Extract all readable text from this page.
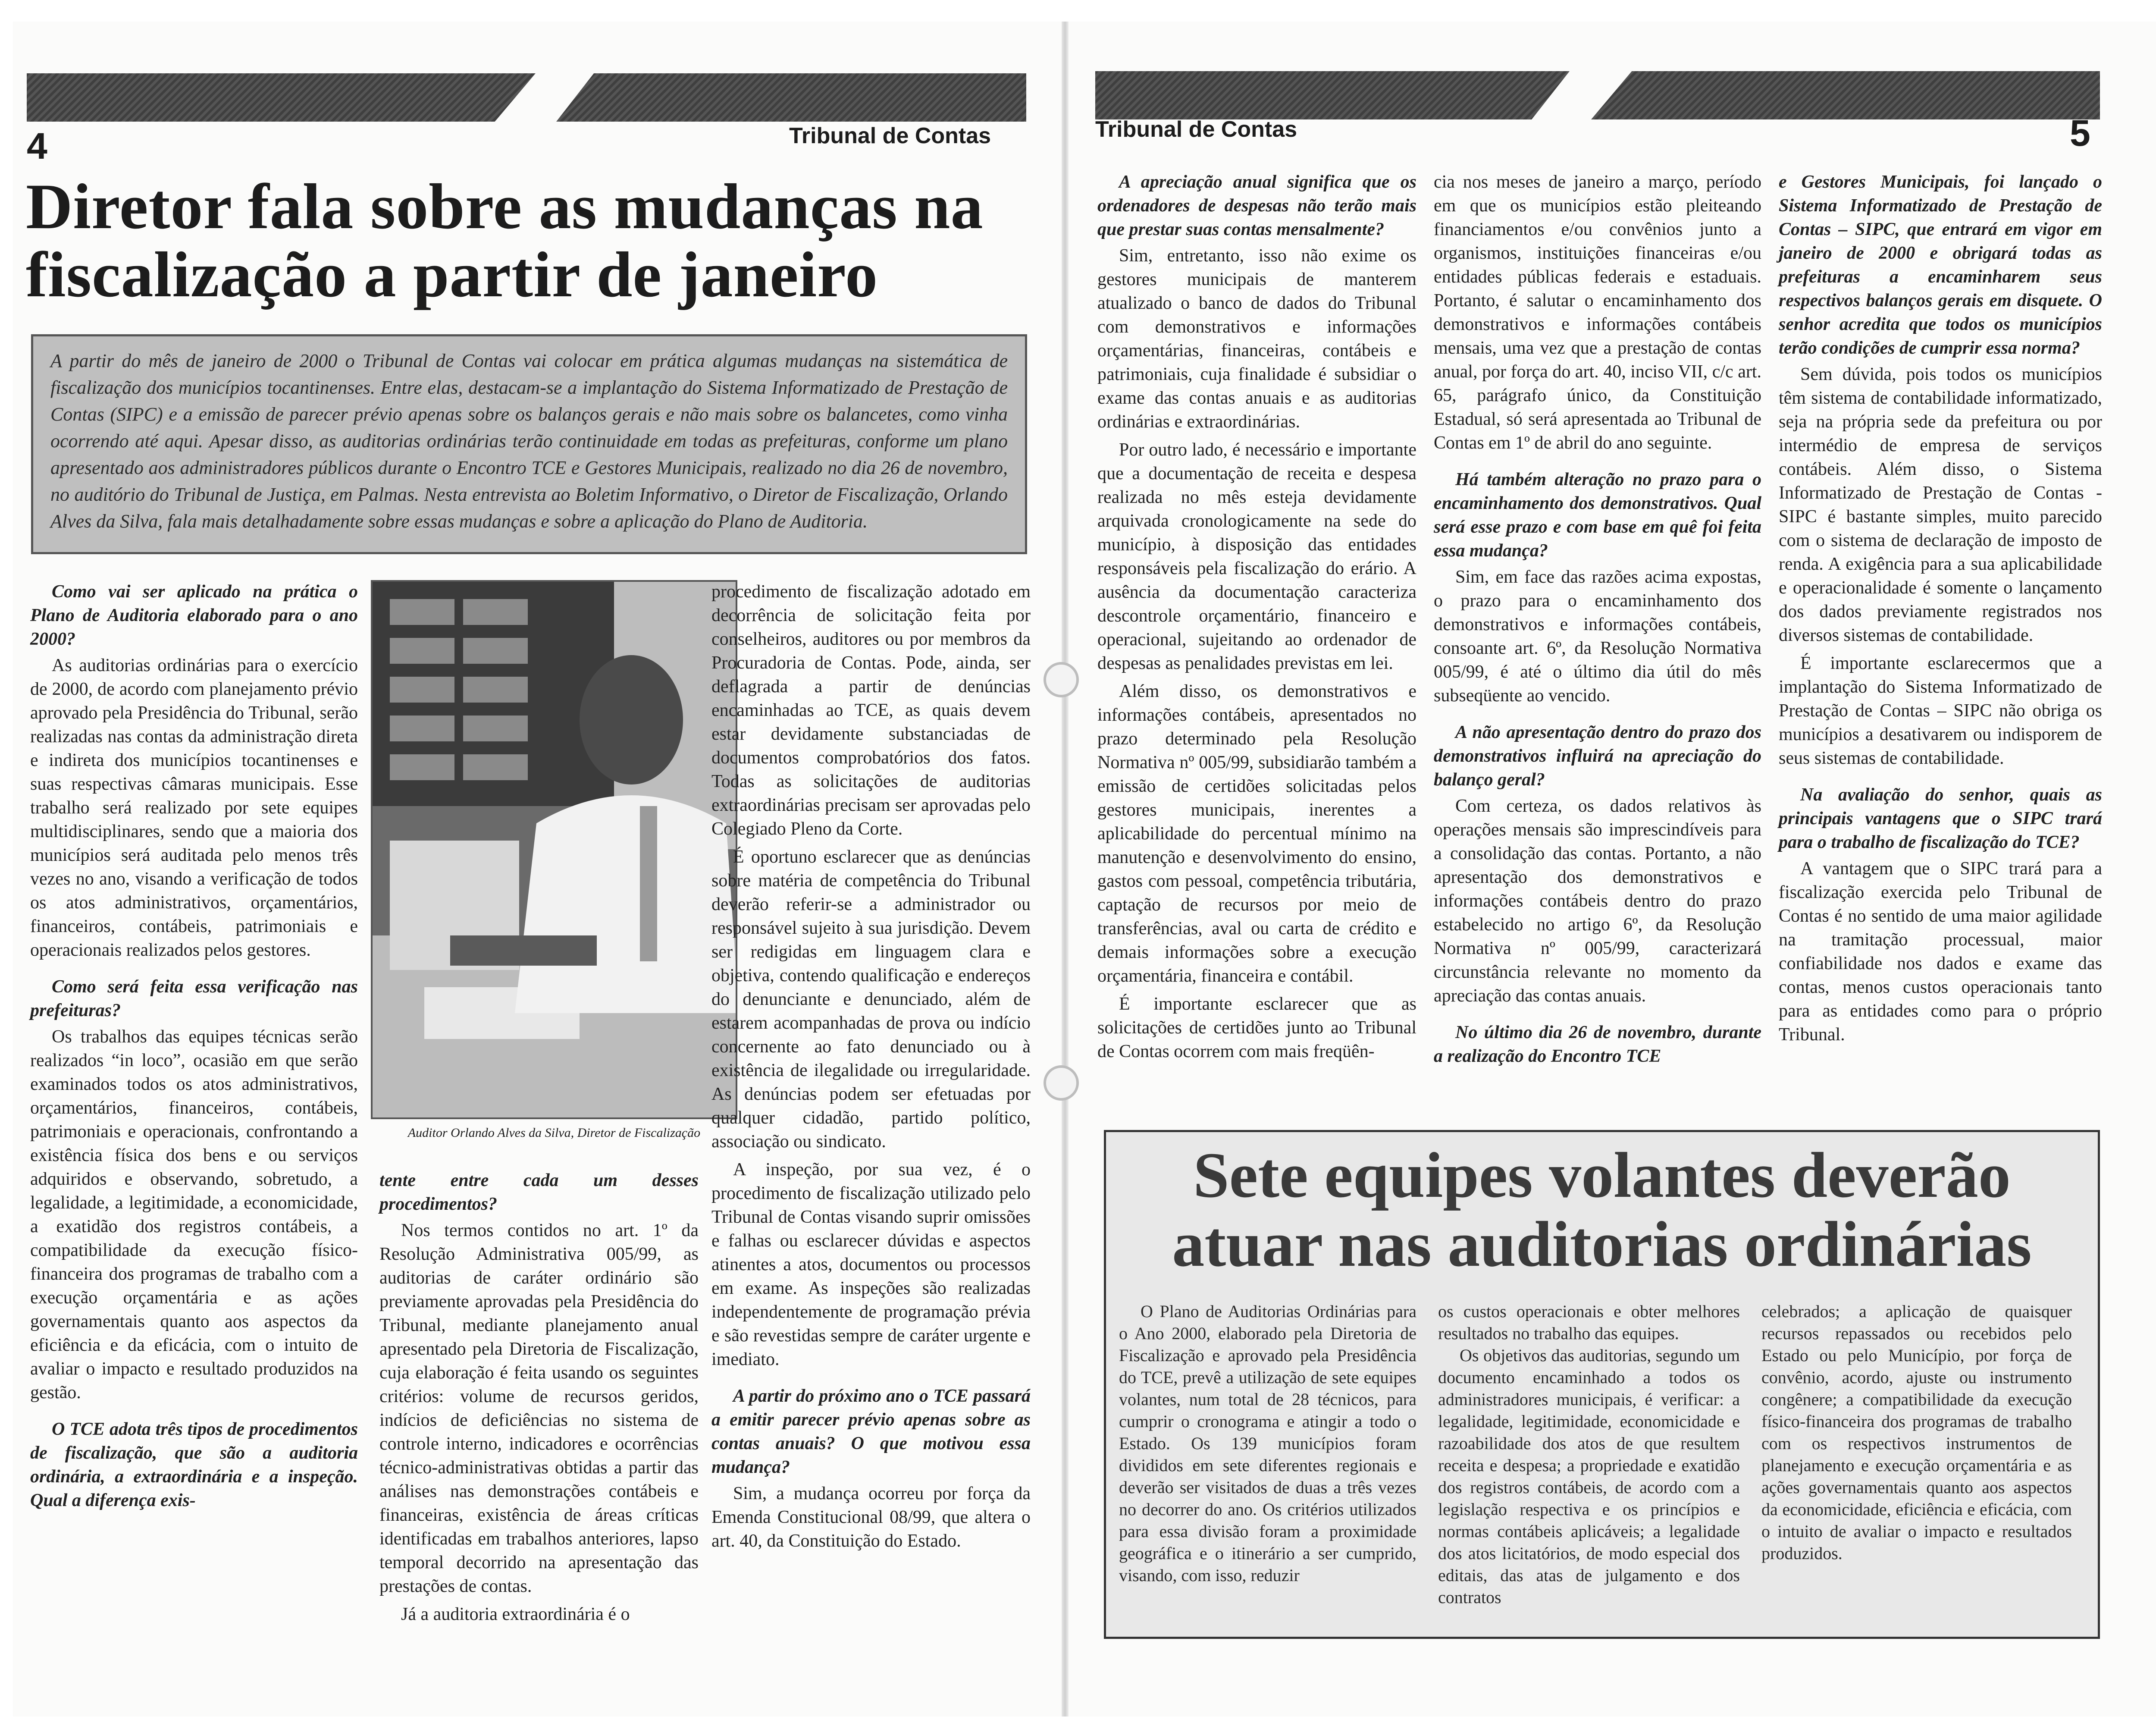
4	Tribunal de Contas
Diretor fala sobre as mudanças na fiscalização a partir de janeiro
A partir do mês de janeiro de 2000 o Tribunal de Contas vai colocar em prática algumas mudanças na sistemática de fiscalização dos municípios tocantinenses. Entre elas, destacam-se a implantação do Sistema Informatizado de Prestação de Contas (SIPC) e a emissão de parecer prévio apenas sobre os balanços gerais e não mais sobre os balancetes, como vinha ocorrendo até aqui. Apesar disso, as auditorias ordinárias terão continuidade em todas as prefeituras, conforme um plano apresentado aos administradores públicos durante o Encontro TCE e Gestores Municipais, realizado no dia 26 de novembro, no auditório do Tribunal de Justiça, em Palmas. Nesta entrevista ao Boletim Informativo, o Diretor de Fiscalização, Orlando Alves da Silva, fala mais detalhadamente sobre essas mudanças e sobre a aplicação do Plano de Auditoria.
Como vai ser aplicado na prática o Plano de Auditoria elaborado para o ano 2000?

As auditorias ordinárias para o exercício de 2000, de acordo com planejamento prévio aprovado pela Presidência do Tribunal, serão realizadas nas contas da administração direta e indireta dos municípios tocantinenses e suas respectivas câmaras municipais. Esse trabalho será realizado por sete equipes multidisciplinares, sendo que a maioria dos municípios será auditada pelo menos três vezes no ano, visando a verificação de todos os atos administrativos, orçamentários, financeiros, contábeis, patrimoniais e operacionais realizados pelos gestores.

Como será feita essa verificação nas prefeituras?

Os trabalhos das equipes técnicas serão realizados “in loco”, ocasião em que serão examinados todos os atos administrativos, orçamentários, financeiros, contábeis, patrimoniais e operacionais, confrontando a existência física dos bens e ou serviços adquiridos e observando, sobretudo, a legalidade, a legitimidade, a economicidade, a exatidão dos registros contábeis, a compatibilidade da execução físico-financeira dos programas de trabalho com a execução orçamentária e as ações governamentais quanto aos aspectos da eficiência e da eficácia, com o intuito de avaliar o impacto e resultado produzidos na gestão.

O TCE adota três tipos de procedimentos de fiscalização, que são a auditoria ordinária, a extraordinária e a inspeção. Qual a diferença exis-
Auditor Orlando Alves da Silva, Diretor de Fiscalização
tente entre cada um desses procedimentos?

Nos termos contidos no art. 1º da Resolução Administrativa 005/99, as auditorias de caráter ordinário são previamente aprovadas pela Presidência do Tribunal, mediante planejamento anual apresentado pela Diretoria de Fiscalização, cuja elaboração é feita usando os seguintes critérios: volume de recursos geridos, indícios de deficiências no sistema de controle interno, indicadores e ocorrências técnico-administrativas obtidas a partir das análises nas demonstrações contábeis e financeiras, existência de áreas críticas identificadas em trabalhos anteriores, lapso temporal decorrido na apresentação das prestações de contas.

Já a auditoria extraordinária é o

procedimento de fiscalização adotado em decorrência de solicitação feita por conselheiros, auditores ou por membros da Procuradoria de Contas. Pode, ainda, ser deflagrada a partir de denúncias encaminhadas ao TCE, as quais devem estar devidamente substanciadas de documentos comprobatórios dos fatos. Todas as solicitações de auditorias extraordinárias precisam ser aprovadas pelo Colegiado Pleno da Corte.

É oportuno esclarecer que as denúncias sobre matéria de competência do Tribunal deverão referir-se a administrador ou responsável sujeito à sua jurisdição. Devem ser redigidas em linguagem clara e objetiva, contendo qualificação e endereços do denunciante e denunciado, além de estarem acompanhadas de prova ou indício concernente ao fato denunciado ou à existência de ilegalidade ou irregularidade. As denúncias podem ser efetuadas por qualquer cidadão, partido político, associação ou sindicato.

A inspeção, por sua vez, é o procedimento de fiscalização utilizado pelo Tribunal de Contas visando suprir omissões e falhas ou esclarecer dúvidas e aspectos atinentes a atos, documentos ou processos em exame. As inspeções são realizadas independentemente de programação prévia e são revestidas sempre de caráter urgente e imediato.

A partir do próximo ano o TCE passará a emitir parecer prévio apenas sobre as contas anuais? O que motivou essa mudança?

Sim, a mudança ocorreu por força da Emenda Constitucional 08/99, que altera o art. 40, da Constituição do Estado.

Tribunal de Contas	5
A apreciação anual significa que os ordenadores de despesas não terão mais que prestar suas contas mensalmente?

Sim, entretanto, isso não exime os gestores municipais de manterem atualizado o banco de dados do Tribunal com demonstrativos e informações orçamentárias, financeiras, contábeis e patrimoniais, cuja finalidade é subsidiar o exame das contas anuais e as auditorias ordinárias e extraordinárias.

Por outro lado, é necessário e importante que a documentação de receita e despesa realizada no mês esteja devidamente arquivada cronologicamente na sede do município, à disposição das entidades responsáveis pela fiscalização do erário. A ausência da documentação caracteriza descontrole orçamentário, financeiro e operacional, sujeitando ao ordenador de despesas as penalidades previstas em lei.

Além disso, os demonstrativos e informações contábeis, apresentados no prazo determinado pela Resolução Normativa nº 005/99, subsidiarão também a emissão de certidões solicitadas pelos gestores municipais, inerentes a aplicabilidade do percentual mínimo na manutenção e desenvolvimento do ensino, gastos com pessoal, competência tributária, captação de recursos por meio de transferências, aval ou carta de crédito e demais informações sobre a execução orçamentária, financeira e contábil.

É importante esclarecer que as solicitações de certidões junto ao Tribunal de Contas ocorrem com mais freqüên-

cia nos meses de janeiro a março, período em que os municípios estão pleiteando financiamentos e/ou convênios junto a organismos, instituições financeiras e/ou entidades públicas federais e estaduais. Portanto, é salutar o encaminhamento dos demonstrativos e informações contábeis mensais, uma vez que a prestação de contas anual, por força do art. 40, inciso VII, c/c art. 65, parágrafo único, da Constituição Estadual, só será apresentada ao Tribunal de Contas em 1º de abril do ano seguinte.

Há também alteração no prazo para o encaminhamento dos demonstrativos. Qual será esse prazo e com base em quê foi feita essa mudança?

Sim, em face das razões acima expostas, o prazo para o encaminhamento dos demonstrativos e informações contábeis, consoante art. 6º, da Resolução Normativa 005/99, é até o último dia útil do mês subseqüente ao vencido.

A não apresentação dentro do prazo dos demonstrativos influirá na apreciação do balanço geral?

Com certeza, os dados relativos às operações mensais são imprescindíveis para a consolidação das contas. Portanto, a não apresentação dos demonstrativos e informações contábeis dentro do prazo estabelecido no artigo 6º, da Resolução Normativa nº 005/99, caracterizará circunstância relevante no momento da apreciação das contas anuais.

No último dia 26 de novembro, durante a realização do Encontro TCE
e Gestores Municipais, foi lançado o Sistema Informatizado de Prestação de Contas – SIPC, que entrará em vigor em janeiro de 2000 e obrigará todas as prefeituras a encaminharem seus respectivos balanços gerais em disquete. O senhor acredita que todos os municípios terão condições de cumprir essa norma?

Sem dúvida, pois todos os municípios têm sistema de contabilidade informatizado, seja na própria sede da prefeitura ou por intermédio de empresa de serviços contábeis. Além disso, o Sistema Informatizado de Prestação de Contas - SIPC é bastante simples, muito parecido com o sistema de declaração de imposto de renda. A exigência para a sua aplicabilidade e operacionalidade é somente o lançamento dos dados previamente registrados nos diversos sistemas de contabilidade.

É importante esclarecermos que a implantação do Sistema Informatizado de Prestação de Contas – SIPC não obriga os municípios a desativarem ou indisporem de seus sistemas de contabilidade.

Na avaliação do senhor, quais as principais vantagens que o SIPC trará para o trabalho de fiscalização do TCE?

A vantagem que o SIPC trará para a fiscalização exercida pelo Tribunal de Contas é no sentido de uma maior agilidade na tramitação processual, maior confiabilidade nos dados e exame das contas, menos custos operacionais tanto para as entidades como para o próprio Tribunal.

Sete equipes volantes deverão atuar nas auditorias ordinárias

O Plano de Auditorias Ordinárias para o Ano 2000, elaborado pela Diretoria de Fiscalização e aprovado pela Presidência do TCE, prevê a utilização de sete equipes volantes, num total de 28 técnicos, para cumprir o cronograma e atingir a todo o Estado. Os 139 municípios foram divididos em sete diferentes regionais e deverão ser visitados de duas a três vezes no decorrer do ano. Os critérios utilizados para essa divisão foram a proximidade geográfica e o itinerário a ser cumprido, visando, com isso, reduzir

os custos operacionais e obter melhores resultados no trabalho das equipes.

Os objetivos das auditorias, segundo um documento encaminhado a todos os administradores municipais, é verificar: a legalidade, legitimidade, economicidade e razoabilidade dos atos de que resultem receita e despesa; a propriedade e exatidão dos registros contábeis, de acordo com a legislação respectiva e os princípios e normas contábeis aplicáveis; a legalidade dos atos licitatórios, de modo especial dos editais, das atas de julgamento e dos contratos

celebrados; a aplicação de quaisquer recursos repassados ou recebidos pelo Estado ou pelo Município, por força de convênio, acordo, ajuste ou instrumento congênere; a compatibilidade da execução físico-financeira dos programas de trabalho com os respectivos instrumentos de planejamento e execução orçamentária e as ações governamentais quanto aos aspectos da economicidade, eficiência e eficácia, com o intuito de avaliar o impacto e resultados produzidos.
